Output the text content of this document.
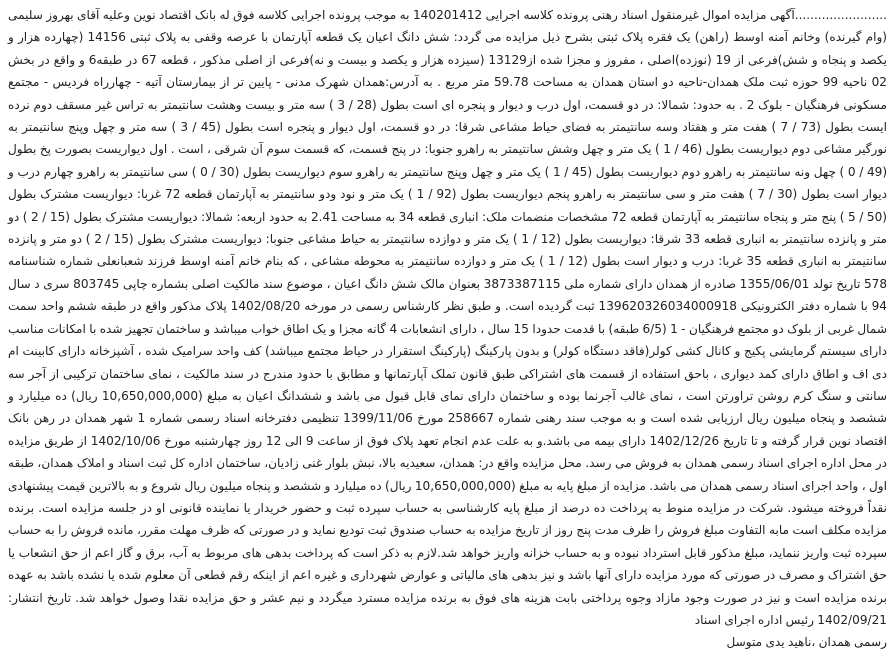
........................آگهی مزایده اموال غیرمنقول اسناد رهنی پرونده کلاسه اجرایی 140201412 به موجب پرونده اجرایی کلاسه فوق له بانک اقتصاد نوین وعلیه آقای بهروز سلیمی (وام گیرنده) وخانم آمنه اوسط (راهن) یک فقره پلاک ثبتی بشرح ذیل مزایده می گردد: شش دانگ اعیان یک قطعه آپارتمان با عرصه وقفی به پلاک ثبتی 14156 (چهارده هزار و یکصد و پنجاه و شش)فرعی از 19 (نوزده)اصلی ، مفروز و مجزا شده از13129 (سیزده هزار و یکصد و بیست و نه)فرعی از اصلی مذکور ، قطعه 67 در طبقه6 و واقع در بخش 02 ناحیه 99 حوزه ثبت ملک همدان-ناحیه دو استان همدان به مساحت 59.78 متر مربع . به آدرس:همدان شهرک مدنی - پایین تر از بیمارستان آتیه - چهارراه فردیس - مجتمع مسکونی فرهنگیان - بلوک 2 . به حدود: شمالا: در دو قسمت، اول درب و دیوار و پنجره ای است بطول (28 / 3 ) سه متر و بیست وهشت سانتیمتر به تراس غیر مسقف دوم نرده ایست بطول (73 / 7 ) هفت متر و هفتاد وسه سانتیمتر به فضای حیاط مشاعی شرقا: در دو قسمت، اول دیوار و پنجره است بطول (45 / 3 ) سه متر و چهل وپنج سانتیمتر به نورگیر مشاعی دوم دیواریست بطول (46 / 1 ) یک متر و چهل وشش سانتیمتر به راهرو جنوبا: در پنج قسمت، که قسمت سوم آن شرقی ، است . اول دیواریست بصورت پخ بطول (49 / 0 ) چهل ونه سانتیمتر به راهرو دوم دیواریست بطول (45 / 1 ) یک متر و چهل وپنج سانتیمتر به راهرو سوم دیواریست بطول (30 / 0 ) سی سانتیمتر به راهرو چهارم درب و دیوار است بطول (30 / 7 ) هفت متر و سی سانتیمتر به راهرو پنجم دیواریست بطول (92 / 1 ) یک متر و نود ودو سانتیمتر به آپارتمان قطعه 72 غربا: دیواریست مشترک بطول (50 / 5 ) پنج متر و پنجاه سانتیمتر به آپارتمان قطعه 72 مشخصات منضمات ملک: انباری قطعه 34 به مساحت 2.41 به حدود اربعه: شمالا: دیواریست مشترک بطول (15 / 2 ) دو متر و پانزده سانتیمتر به انباری قطعه 33 شرقا: دیواریست بطول (12 / 1 ) یک متر و دوازده سانتیمتر به حیاط مشاعی جنوبا: دیواریست مشترک بطول (15 / 2 ) دو متر و پانزده سانتیمتر به انباری قطعه 35 غربا: درب و دیوار است بطول (12 / 1 ) یک متر و دوازده سانتیمتر به محوطه مشاعی ، که بنام خانم آمنه اوسط فرزند شعبانعلی شماره شناسنامه 578 تاریخ تولد 1355/06/01 صادره از همدان دارای شماره ملی 3873387115 بعنوان مالک شش دانگ اعیان ، موضوع سند مالکیت اصلی بشماره چاپی 803745 سری د سال 94 با شماره دفتر الکترونیکی 139620326034000918 ثبت گردیده است. و طبق نظر کارشناس رسمی در مورخه 1402/08/20 پلاک مذکور واقع در طبقه ششم واحد سمت شمال غربی از بلوک دو مجتمع فرهنگیان - 1 (6/5 طبقه) با قدمت حدودا 15 سال ، دارای انشعابات 4 گانه مجزا و یک اطاق خواب میباشد و ساختمان تجهیز شده با امکانات مناسب دارای سیستم گرمایشی پکیج و کانال کشی کولر(فاقد دستگاه کولر) و بدون پارکینگ (پارکینگ استقرار در حیاط مجتمع میباشد) کف واحد سرامیک شده ، آشپزخانه دارای کابینت ام دی اف و اطاق دارای کمد دیواری ، باحق استفاده از قسمت های اشتراکی طبق قانون تملک آپارتمانها و مطابق با حدود مندرج در سند مالکیت ، نمای ساختمان ترکیبی از آجر سه سانتی و سنگ کرم روشن تراورتن است ، نمای غالب آجرنما بوده و ساختمان دارای نمای قابل قبول می باشد و ششدانگ اعیان به مبلغ (10,650,000,000 ریال) ده میلیارد و ششصد و پنجاه میلیون ریال ارزیابی شده است و به موجب سند رهنی شماره 258667 مورخ 1399/11/06 تنظیمی دفترخانه اسناد رسمی شماره 1 شهر همدان در رهن بانک اقتصاد نوین قرار گرفته و تا تاریخ 1402/12/26 دارای بیمه می باشد.و به علت عدم انجام تعهد پلاک فوق از ساعت 9 الی 12 روز چهارشنبه مورخ 1402/10/06 از طریق مزایده در محل اداره اجرای اسناد رسمی همدان به فروش می رسد. محل مزایده واقع در: همدان، سعیدیه بالا، نبش بلوار غنی زادیان، ساختمان اداره کل ثبت اسناد و املاک همدان، طبقه اول ، واحد اجرای اسناد رسمی همدان می باشد. مزایده از مبلغ پایه به مبلغ (10,650,000,000 ریال) ده میلیارد و ششصد و پنجاه میلیون ریال شروع و به بالاترین قیمت پیشنهادی نقداً فروخته میشود. شرکت در مزایده منوط به پرداخت ده درصد از مبلغ پایه کارشناسی به حساب سپرده ثبت و حضور خریدار یا نماینده قانونی او در جلسه مزایده است. برنده مزایده مکلف است مابه التفاوت مبلغ فروش را ظرف مدت پنج روز از تاریخ مزایده به حساب صندوق ثبت تودیع نماید و در صورتی که ظرف مهلت مقرر، مانده فروش را به حساب سپرده ثبت واریز ننماید، مبلغ مذکور قابل استرداد نبوده و به حساب خزانه واریز خواهد شد.لازم به ذکر است که پرداخت بدهی های مربوط به آب، برق و گاز اعم از حق انشعاب یا حق اشتراک و مصرف در صورتی که مورد مزایده دارای آنها باشد و نیز بدهی های مالیاتی و عوارض شهرداری و غیره اعم از اینکه رقم قطعی آن معلوم شده یا نشده باشد به عهده برنده مزایده است و نیز در صورت وجود مازاد وجوه پرداختی بابت هزینه های فوق به برنده مزایده مسترد میگردد و نیم عشر و حق مزایده نقدا وصول خواهد شد. تاریخ انتشار: 1402/09/21 رئیس اداره اجرای اسناد

رسمی همدان ،ناهید یدی متوسل
